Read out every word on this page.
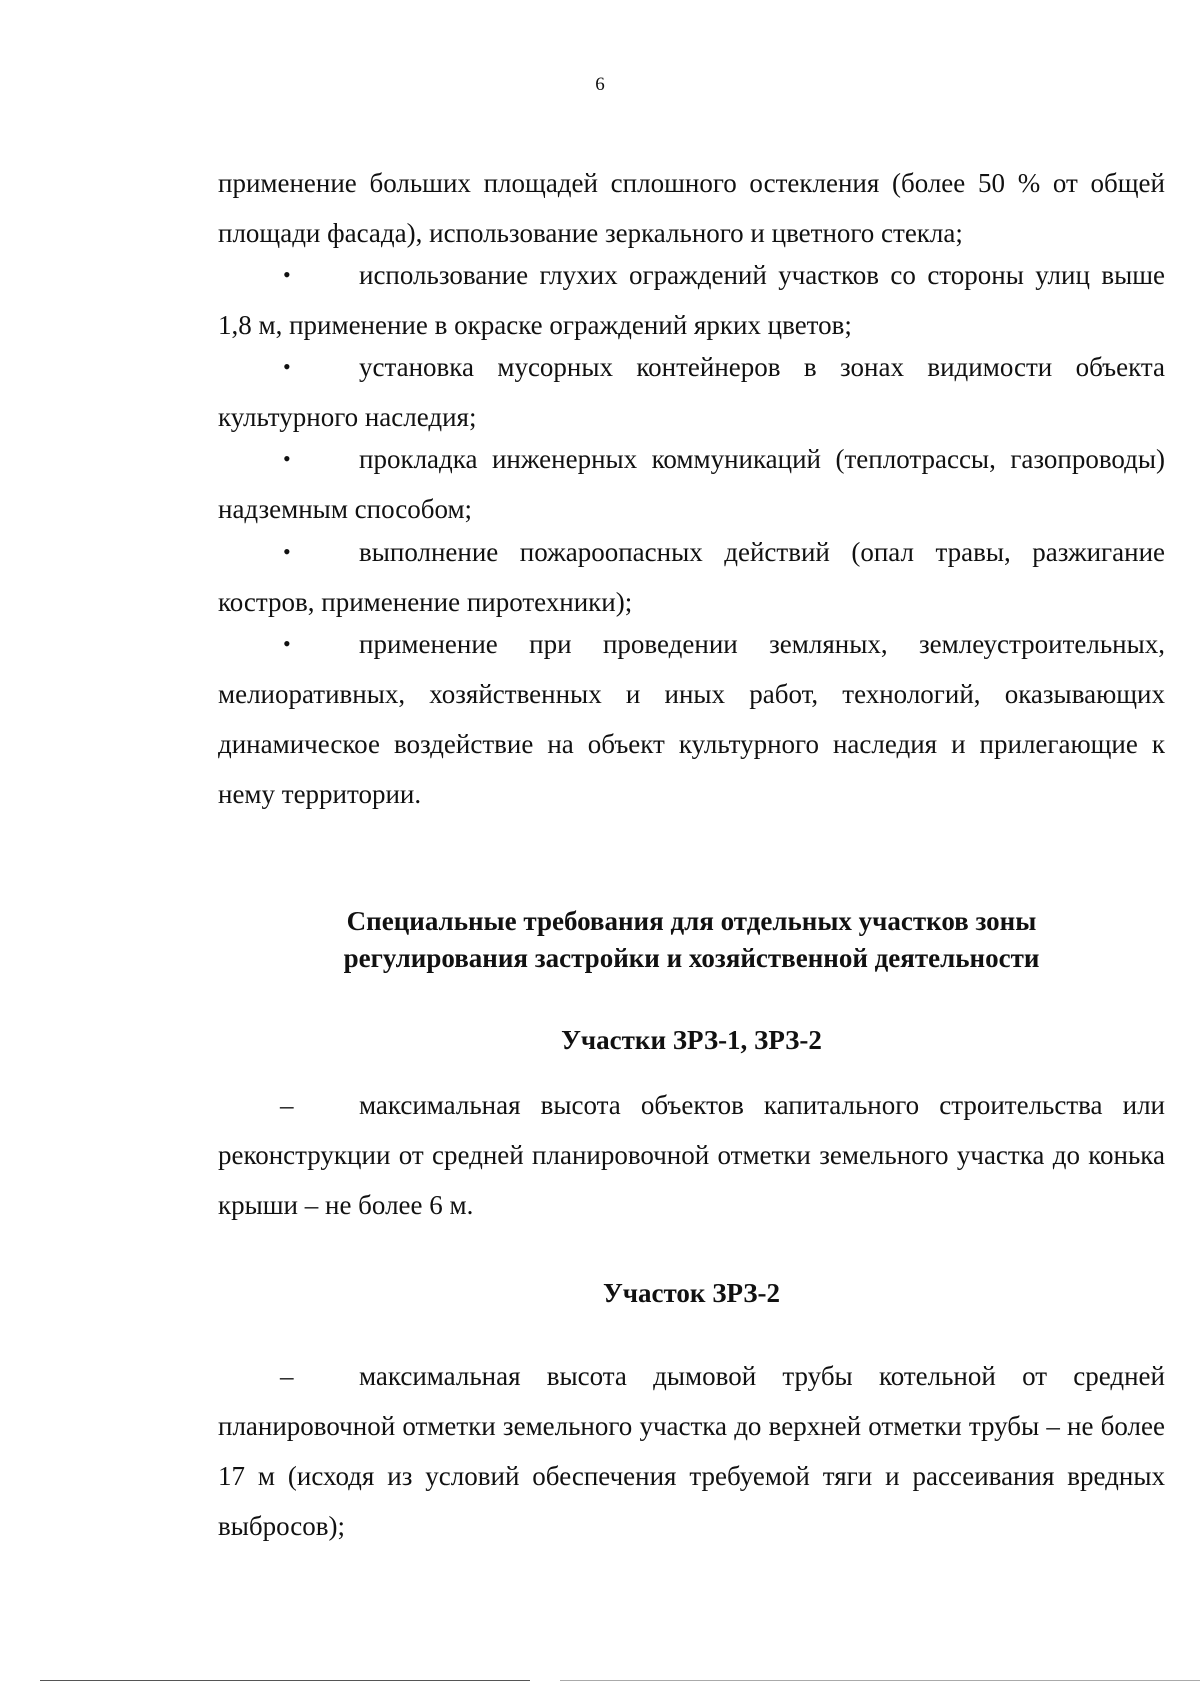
6

применение больших площадей сплошного остекления (более 50 % от общей площади фасада), использование зеркального и цветного стекла;

•	использование глухих ограждений участков со стороны улиц выше 1,8 м, применение в окраске ограждений ярких цветов;

•	установка мусорных контейнеров в зонах видимости объекта культурного наследия;

•	прокладка инженерных коммуникаций (теплотрассы, газопроводы) надземным способом;

•	выполнение пожароопасных действий (опал травы, разжигание костров, применение пиротехники);

•	применение при проведении земляных, землеустроительных, мелиоративных, хозяйственных и иных работ, технологий, оказывающих динамическое воздействие на объект культурного наследия и прилегающие к нему территории.

Специальные требования для отдельных участков зоны

регулирования застройки и хозяйственной деятельности

Участки ЗРЗ-1, ЗРЗ-2

– максимальная высота объектов капитального строительства или реконструкции от средней планировочной отметки земельного участка до конька крыши – не более 6 м.

Участок ЗРЗ-2

– максимальная высота дымовой трубы котельной от средней планировочной отметки земельного участка до верхней отметки трубы – не более 17 м (исходя из условий обеспечения требуемой тяги и рассеивания вредных выбросов);
